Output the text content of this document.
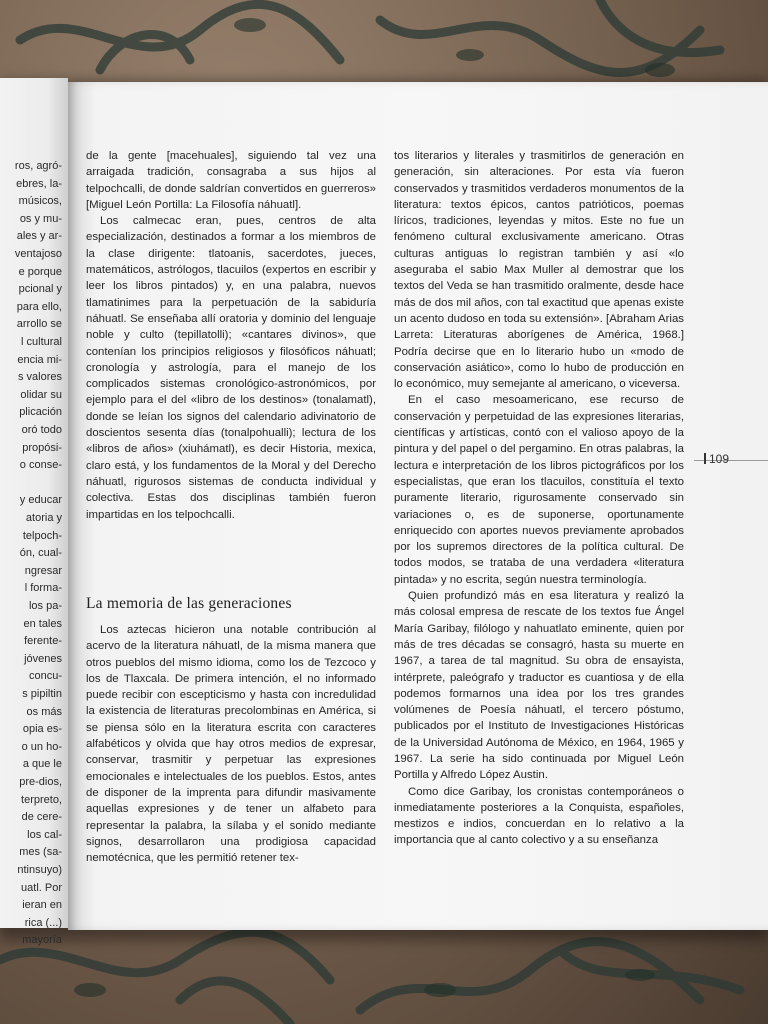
ros, agró-
ebres, la-
músicos,
os y mu-
ales y ar-
ventajoso
e porque
pcional y
para ello,
arrollo se
l cultural
encia mi-
s valores
olidar su
plicación
oró todo
propósi-
o conse-
y educar
atoria y
telpoch-
ón, cual-
ngresar
l forma-
los pa-
en tales
ferente-
jóvenes
concu-
s pipiltin
os más
opia es-
o un ho-
a que le
pre-dios,
terpreto,
de cere-
los cal-
mes (sa-
ntinsuyo)
uatl. Por
ieran en
rica (...)
mayoría

de la gente [macehuales], siguiendo tal vez una arraigada tradición, consagraba a sus hijos al telpochcalli, de donde saldrían convertidos en guerreros» [Miguel León Portilla: La Filosofía náhuatl].

Los calmecac eran, pues, centros de alta especialización, destinados a formar a los miembros de la clase dirigente: tlatoanis, sacerdotes, jueces, matemáticos, astrólogos, tlacuilos (expertos en escribir y leer los libros pintados) y, en una palabra, nuevos tlamatinimes para la perpetuación de la sabiduría náhuatl. Se enseñaba allí oratoria y dominio del lenguaje noble y culto (tepillatolli); «cantares divinos», que contenían los principios religiosos y filosóficos náhuatl; cronología y astrología, para el manejo de los complicados sistemas cronológico-astronómicos, por ejemplo para el del «libro de los destinos» (tonalamatl), donde se leían los signos del calendario adivinatorio de doscientos sesenta días (tonalpohualli); lectura de los «libros de años» (xiuhámatl), es decir Historia, mexica, claro está, y los fundamentos de la Moral y del Derecho náhuatl, rigurosos sistemas de conducta individual y colectiva. Estas dos disciplinas también fueron impartidas en los telpochcalli.

La memoria de las generaciones

Los aztecas hicieron una notable contribución al acervo de la literatura náhuatl, de la misma manera que otros pueblos del mismo idioma, como los de Tezcoco y los de Tlaxcala. De primera intención, el no informado puede recibir con escepticismo y hasta con incredulidad la existencia de literaturas precolombinas en América, si se piensa sólo en la literatura escrita con caracteres alfabéticos y olvida que hay otros medios de expresar, conservar, trasmitir y perpetuar las expresiones emocionales e intelectuales de los pueblos. Estos, antes de disponer de la imprenta para difundir masivamente aquellas expresiones y de tener un alfabeto para representar la palabra, la sílaba y el sonido mediante signos, desarrollaron una prodigiosa capacidad nemotécnica, que les permitió retener tex-

tos literarios y literales y trasmitirlos de generación en generación, sin alteraciones. Por esta vía fueron conservados y trasmitidos verdaderos monumentos de la literatura: textos épicos, cantos patrióticos, poemas líricos, tradiciones, leyendas y mitos. Este no fue un fenómeno cultural exclusivamente americano. Otras culturas antiguas lo registran también y así «lo aseguraba el sabio Max Muller al demostrar que los textos del Veda se han trasmitido oralmente, desde hace más de dos mil años, con tal exactitud que apenas existe un acento dudoso en toda su extensión». [Abraham Arias Larreta: Literaturas aborígenes de América, 1968.] Podría decirse que en lo literario hubo un «modo de conservación asiático», como lo hubo de producción en lo económico, muy semejante al americano, o viceversa.

En el caso mesoamericano, ese recurso de conservación y perpetuidad de las expresiones literarias, científicas y artísticas, contó con el valioso apoyo de la pintura y del papel o del pergamino. En otras palabras, la lectura e interpretación de los libros pictográficos por los especialistas, que eran los tlacuilos, constituía el texto puramente literario, rigurosamente conservado sin variaciones o, es de suponerse, oportunamente enriquecido con aportes nuevos previamente aprobados por los supremos directores de la política cultural. De todos modos, se trataba de una verdadera «literatura pintada» y no escrita, según nuestra terminología.

Quien profundizó más en esa literatura y realizó la más colosal empresa de rescate de los textos fue Ángel María Garibay, filólogo y nahuatlato eminente, quien por más de tres décadas se consagró, hasta su muerte en 1967, a tarea de tal magnitud. Su obra de ensayista, intérprete, paleógrafo y traductor es cuantiosa y de ella podemos formarnos una idea por los tres grandes volúmenes de Poesía náhuatl, el tercero póstumo, publicados por el Instituto de Investigaciones Históricas de la Universidad Autónoma de México, en 1964, 1965 y 1967. La serie ha sido continuada por Miguel León Portilla y Alfredo López Austin.

Como dice Garibay, los cronistas contemporáneos o inmediatamente posteriores a la Conquista, españoles, mestizos e indios, concuerdan en lo relativo a la importancia que al canto colectivo y a su enseñanza

109
